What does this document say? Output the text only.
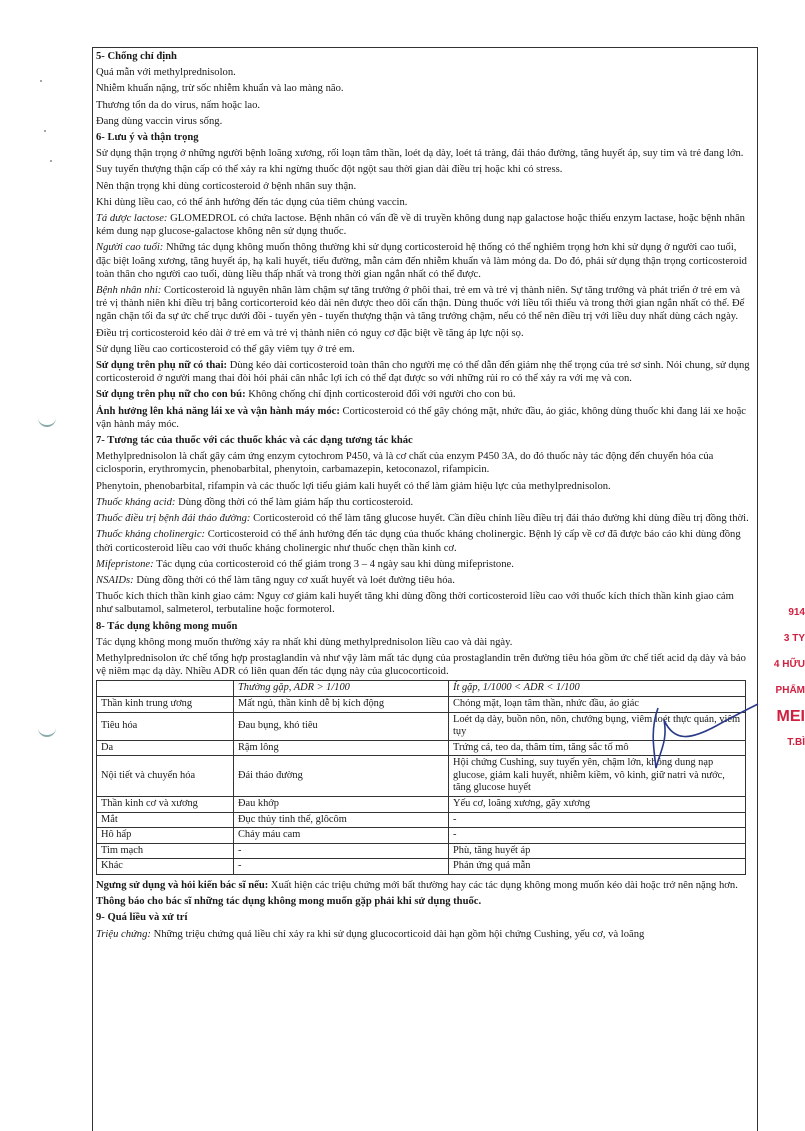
5- Chống chỉ định

Quá mẫn với methylprednisolon.

Nhiễm khuẩn nặng, trừ sốc nhiễm khuẩn và lao màng não.

Thương tổn da do virus, nấm hoặc lao.

Đang dùng vaccin virus sống.

6- Lưu ý và thận trọng

Sử dụng thận trọng ở những người bệnh loãng xương, rối loạn tâm thần, loét dạ dày, loét tá tràng, đái tháo đường, tăng huyết áp, suy tim và trẻ đang lớn.

Suy tuyến thượng thận cấp có thể xảy ra khi ngừng thuốc đột ngột sau thời gian dài điều trị hoặc khi có stress.

Nên thận trọng khi dùng corticosteroid ở bệnh nhân suy thận.

Khi dùng liều cao, có thể ảnh hưởng đến tác dụng của tiêm chủng vaccin.

Tá dược lactose: GLOMEDROL có chứa lactose. Bệnh nhân có vấn đề về di truyền không dung nạp galactose hoặc thiếu enzym lactase, hoặc bệnh nhân kém dung nạp glucose-galactose không nên sử dụng thuốc.

Người cao tuổi: Những tác dụng không muốn thông thường khi sử dụng corticosteroid hệ thống có thể nghiêm trọng hơn khi sử dụng ở người cao tuổi, đặc biệt loãng xương, tăng huyết áp, hạ kali huyết, tiểu đường, mẫn cảm đến nhiễm khuẩn và làm mỏng da. Do đó, phải sử dụng thận trọng corticosteroid toàn thân cho người cao tuổi, dùng liều thấp nhất và trong thời gian ngắn nhất có thể được.

Bệnh nhân nhi: Corticosteroid là nguyên nhân làm chậm sự tăng trưởng ở phôi thai, trẻ em và trẻ vị thành niên. Sự tăng trưởng và phát triển ở trẻ em và trẻ vị thành niên khi điều trị bằng corticorteroid kéo dài nên được theo dõi cẩn thận. Dùng thuốc với liều tối thiểu và trong thời gian ngắn nhất có thể. Để ngăn chặn tối đa sự ức chế trục dưới đồi - tuyến yên - tuyến thượng thận và tăng trưởng chậm, nếu có thể nên điều trị với liều duy nhất dùng cách ngày.

Điều trị corticosteroid kéo dài ở trẻ em và trẻ vị thành niên có nguy cơ đặc biệt về tăng áp lực nội sọ.

Sử dụng liều cao corticosteroid có thể gây viêm tụy ở trẻ em.

Sử dụng trên phụ nữ có thai: Dùng kéo dài corticosteroid toàn thân cho người mẹ có thể dẫn đến giảm nhẹ thể trọng của trẻ sơ sinh. Nói chung, sử dụng corticosteroid ở người mang thai đòi hỏi phải cân nhắc lợi ích có thể đạt được so với những rủi ro có thể xảy ra với mẹ và con.

Sử dụng trên phụ nữ cho con bú: Không chống chỉ định corticosteroid đối với người cho con bú.

Ảnh hưởng lên khả năng lái xe và vận hành máy móc: Corticosteroid có thể gây chóng mặt, nhức đầu, ảo giác, không dùng thuốc khi đang lái xe hoặc vận hành máy móc.

7- Tương tác của thuốc với các thuốc khác và các dạng tương tác khác

Methylprednisolon là chất gây cảm ứng enzym cytochrom P450, và là cơ chất của enzym P450 3A, do đó thuốc này tác động đến chuyển hóa của ciclosporin, erythromycin, phenobarbital, phenytoin, carbamazepin, ketoconazol, rifampicin.

Phenytoin, phenobarbital, rifampin và các thuốc lợi tiểu giảm kali huyết có thể làm giảm hiệu lực của methylprednisolon.

Thuốc kháng acid: Dùng đồng thời có thể làm giảm hấp thu corticosteroid.

Thuốc điều trị bệnh đái tháo đường: Corticosteroid có thể làm tăng glucose huyết. Cần điều chỉnh liều điều trị đái tháo đường khi dùng điều trị đồng thời.

Thuốc kháng cholinergic: Corticosteroid có thể ảnh hưởng đến tác dụng của thuốc kháng cholinergic. Bệnh lý cấp về cơ đã được báo cáo khi dùng đồng thời corticosteroid liều cao với thuốc kháng cholinergic như thuốc chẹn thần kinh cơ.

Mifepristone: Tác dụng của corticosteroid có thể giảm trong 3 – 4 ngày sau khi dùng mifepristone.

NSAIDs: Dùng đồng thời có thể làm tăng nguy cơ xuất huyết và loét đường tiêu hóa.

Thuốc kích thích thần kinh giao cảm: Nguy cơ giảm kali huyết tăng khi dùng đồng thời corticosteroid liều cao với thuốc kích thích thần kinh giao cảm như salbutamol, salmeterol, terbutaline hoặc formoterol.

8- Tác dụng không mong muốn

Tác dụng không mong muốn thường xảy ra nhất khi dùng methylprednisolon liều cao và dài ngày.

Methylprednisolon ức chế tổng hợp prostaglandin và như vậy làm mất tác dụng của prostaglandin trên đường tiêu hóa gồm ức chế tiết acid dạ dày và bảo vệ niêm mạc dạ dày. Nhiều ADR có liên quan đến tác dụng này của glucocorticoid.

	Thường gặp, ADR > 1/100	Ít gặp, 1/1000 < ADR < 1/100
Thần kinh trung ương	Mất ngủ, thần kinh dễ bị kích động	Chóng mặt, loạn tâm thần, nhức đầu, ảo giác
Tiêu hóa	Đau bụng, khó tiêu	Loét dạ dày, buồn nôn, nôn, chướng bụng, viêm loét thực quản, viêm tụy
Da	Rậm lông	Trứng cá, teo da, thâm tím, tăng sắc tố mô
Nội tiết và chuyển hóa	Đái tháo đường	Hội chứng Cushing, suy tuyến yên, chậm lớn, không dung nạp glucose, giảm kali huyết, nhiễm kiềm, vô kinh, giữ natri và nước, tăng glucose huyết
Thần kinh cơ và xương	Đau khớp	Yếu cơ, loãng xương, gãy xương
Mắt	Đục thủy tinh thể, glôcôm	-
Hô hấp	Chảy máu cam	-
Tim mạch	-	Phù, tăng huyết áp
Khác	-	Phản ứng quá mẫn

Ngưng sử dụng và hỏi kiến bác sĩ nếu: Xuất hiện các triệu chứng mới bất thường hay các tác dụng không mong muốn kéo dài hoặc trở nên nặng hơn.

Thông báo cho bác sĩ những tác dụng không mong muốn gặp phải khi sử dụng thuốc.

9- Quá liều và xử trí

Triệu chứng: Những triệu chứng quá liều chỉ xảy ra khi sử dụng glucocorticoid dài hạn gồm hội chứng Cushing, yếu cơ, và loãng

914
3 TY
4 HỮU
PHẨM
MEI
T.BÌ
